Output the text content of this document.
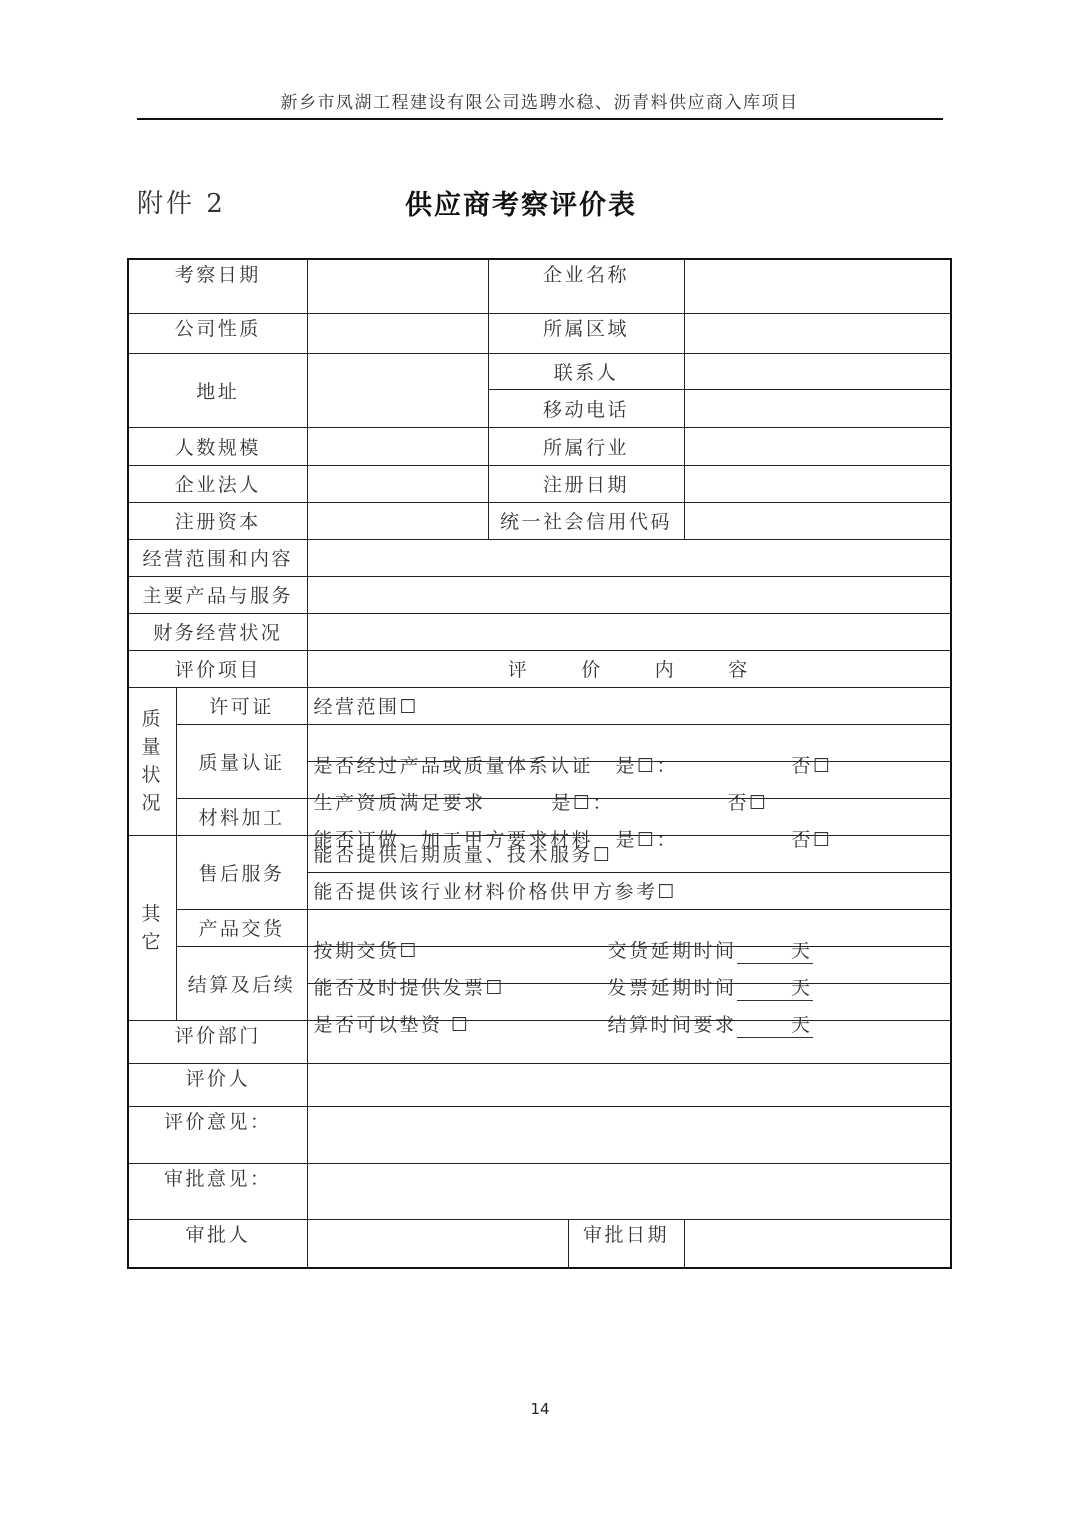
新乡市凤湖工程建设有限公司选聘水稳、沥青料供应商入库项目
附件 2	供应商考察评价表
考察日期			企业名称		
公司性质			所属区域		
地址			联系人		
			移动电话		
人数规模			所属行业		
企业法人			注册日期		
注册资本			统一社会信用代码		
经营范围和内容					
主要产品与服务					
财务经营状况					
评价项目		评 价 内 容			

质
量
状
况	许可证	经营范围☐			
	质量认证	是否经过产品或质量体系认证 是☐： 否☐			

		生产资质满足要求 是☐： 否☐			

	材料加工	能否订做、加工甲方要求材料 是☐： 否☐			

其
它	售后服务	能否提供后期质量、技术服务☐			
		能否提供该行业材料价格供甲方参考☐			
	产品交货	按期交货☐ 交货延期时间 天			

	结算及后续	能否及时提供发票☐ 发票延期时间 天			

		是否可以垫资 ☐ 结算时间要求 天			

评价部门					
评价人					
评价意见：					
审批意见：					
审批人				审批日期	
14
